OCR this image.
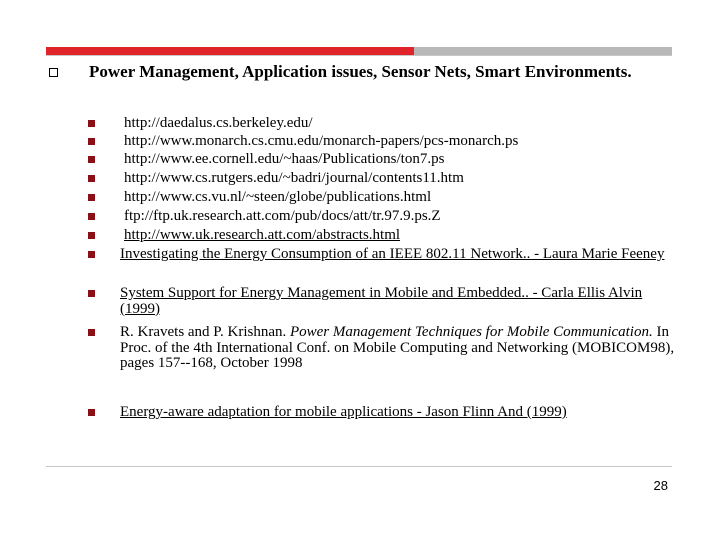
Power Management, Application issues, Sensor Nets, Smart Environments.
http://daedalus.cs.berkeley.edu/
http://www.monarch.cs.cmu.edu/monarch-papers/pcs-monarch.ps
http://www.ee.cornell.edu/~haas/Publications/ton7.ps
http://www.cs.rutgers.edu/~badri/journal/contents11.htm
http://www.cs.vu.nl/~steen/globe/publications.html
ftp://ftp.uk.research.att.com/pub/docs/att/tr.97.9.ps.Z
http://www.uk.research.att.com/abstracts.html
Investigating the Energy Consumption of an IEEE 802.11 Network.. - Laura Marie Feeney
System Support for Energy Management in Mobile and Embedded.. - Carla Ellis Alvin (1999)
R. Kravets and P. Krishnan. Power Management Techniques for Mobile Communication. In Proc. of the 4th International Conf. on Mobile Computing and Networking (MOBICOM98), pages 157--168, October 1998
Energy-aware adaptation for mobile applications - Jason Flinn And (1999)
28
